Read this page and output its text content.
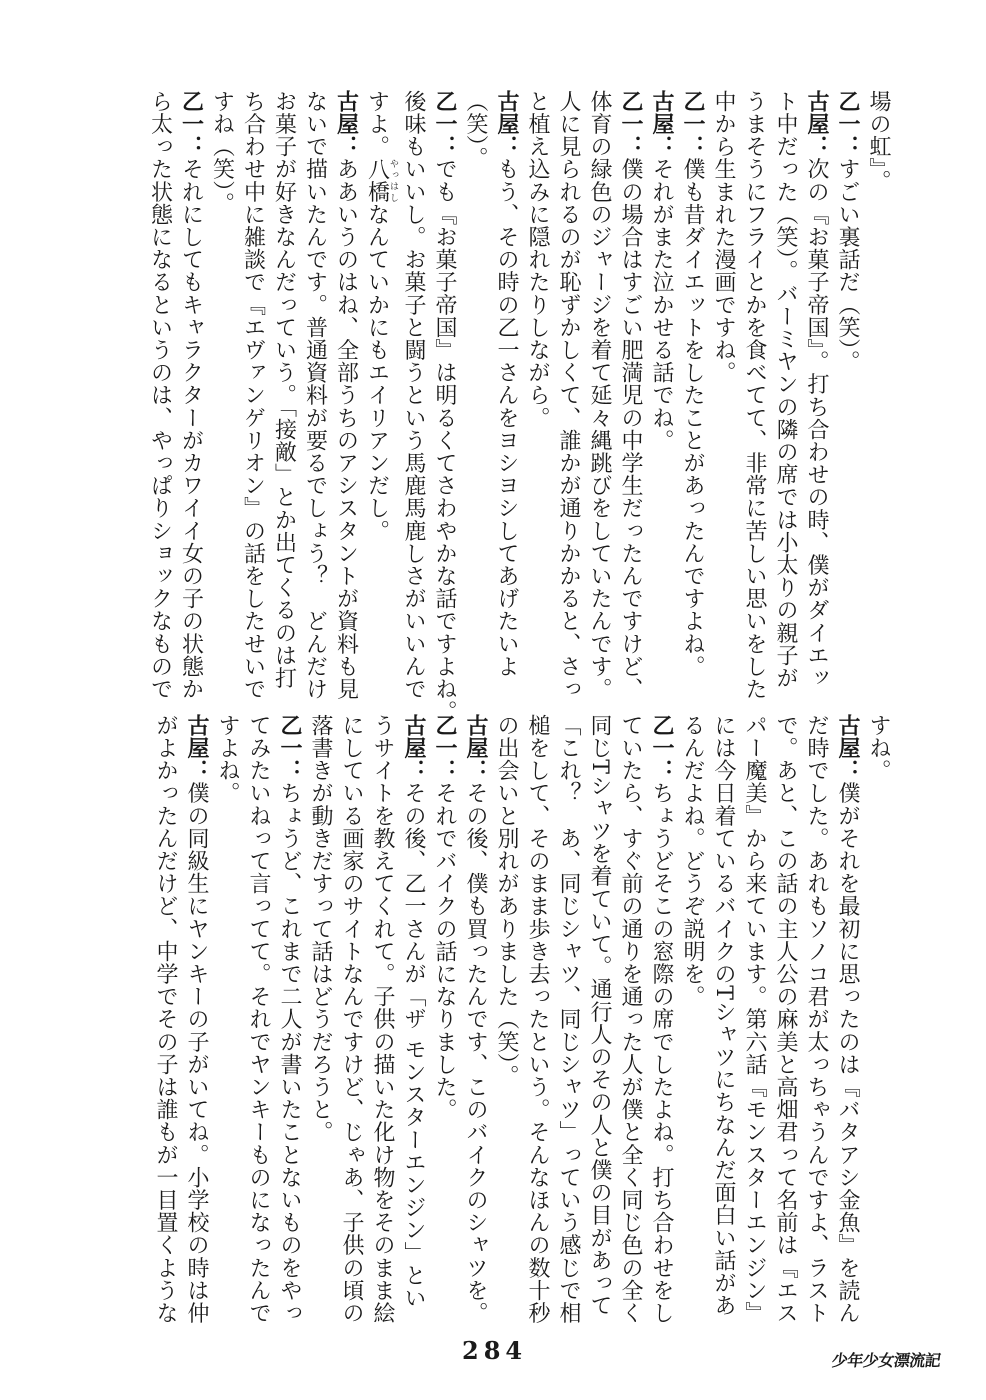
場の虹』。
乙一：すごい裏話だ（笑）。
古屋：次の『お菓子帝国』。打ち合わせの時、僕がダイエッ
ト中だった（笑）。バーミヤンの隣の席では小太りの親子が
うまそうにフライとかを食べてて、非常に苦しい思いをした
中から生まれた漫画ですね。
乙一：僕も昔ダイエットをしたことがあったんですよね。
古屋：それがまた泣かせる話でね。
乙一：僕の場合はすごい肥満児の中学生だったんですけど、
体育の緑色のジャージを着て延々縄跳びをしていたんです。
人に見られるのが恥ずかしくて、誰かが通りかかると、さっ
と植え込みに隠れたりしながら。
古屋：もう、その時の乙一さんをヨシヨシしてあげたいよ
（笑）。
乙一：でも『お菓子帝国』は明るくてさわやかな話ですよね。
後味もいいし。お菓子と闘うという馬鹿馬鹿しさがいいんで
すよ。八橋やっはしなんていかにもエイリアンだし。
古屋：ああいうのはね、全部うちのアシスタントが資料も見
ないで描いたんです。普通資料が要るでしょう？　どんだけ
お菓子が好きなんだっていう。「接敵」とか出てくるのは打
ち合わせ中に雑談で『エヴァンゲリオン』の話をしたせいで
すね（笑）。
乙一：それにしてもキャラクターがカワイイ女の子の状態か
ら太った状態になるというのは、やっぱりショックなもので
すね。
古屋：僕がそれを最初に思ったのは『バタアシ金魚』を読ん
だ時でした。あれもソノコ君が太っちゃうんですよ、ラスト
で。あと、この話の主人公の麻美と高畑君って名前は『エス
パー魔美』から来ています。第六話『モンスターエンジン』
には今日着ているバイクのTシャツにちなんだ面白い話があ
るんだよね。どうぞ説明を。
乙一：ちょうどそこの窓際の席でしたよね。打ち合わせをし
ていたら、すぐ前の通りを通った人が僕と全く同じ色の全く
同じTシャツを着ていて。通行人のその人と僕の目があって
「これ？　あ、同じシャツ、同じシャツ」っていう感じで相
槌をして、そのまま歩き去ったという。そんなほんの数十秒
の出会いと別れがありました（笑）。
古屋：その後、僕も買ったんです、このバイクのシャツを。
乙一：それでバイクの話になりました。
古屋：その後、乙一さんが「ザ モンスターエンジン」とい
うサイトを教えてくれて。子供の描いた化け物をそのまま絵
にしている画家のサイトなんですけど、じゃあ、子供の頃の
落書きが動きだすって話はどうだろうと。
乙一：ちょうど、これまで二人が書いたことないものをやっ
てみたいねって言ってて。それでヤンキーものになったんで
すよね。
古屋：僕の同級生にヤンキーの子がいてね。小学校の時は仲
がよかったんだけど、中学でその子は誰もが一目置くような
284	少年少女漂流記
